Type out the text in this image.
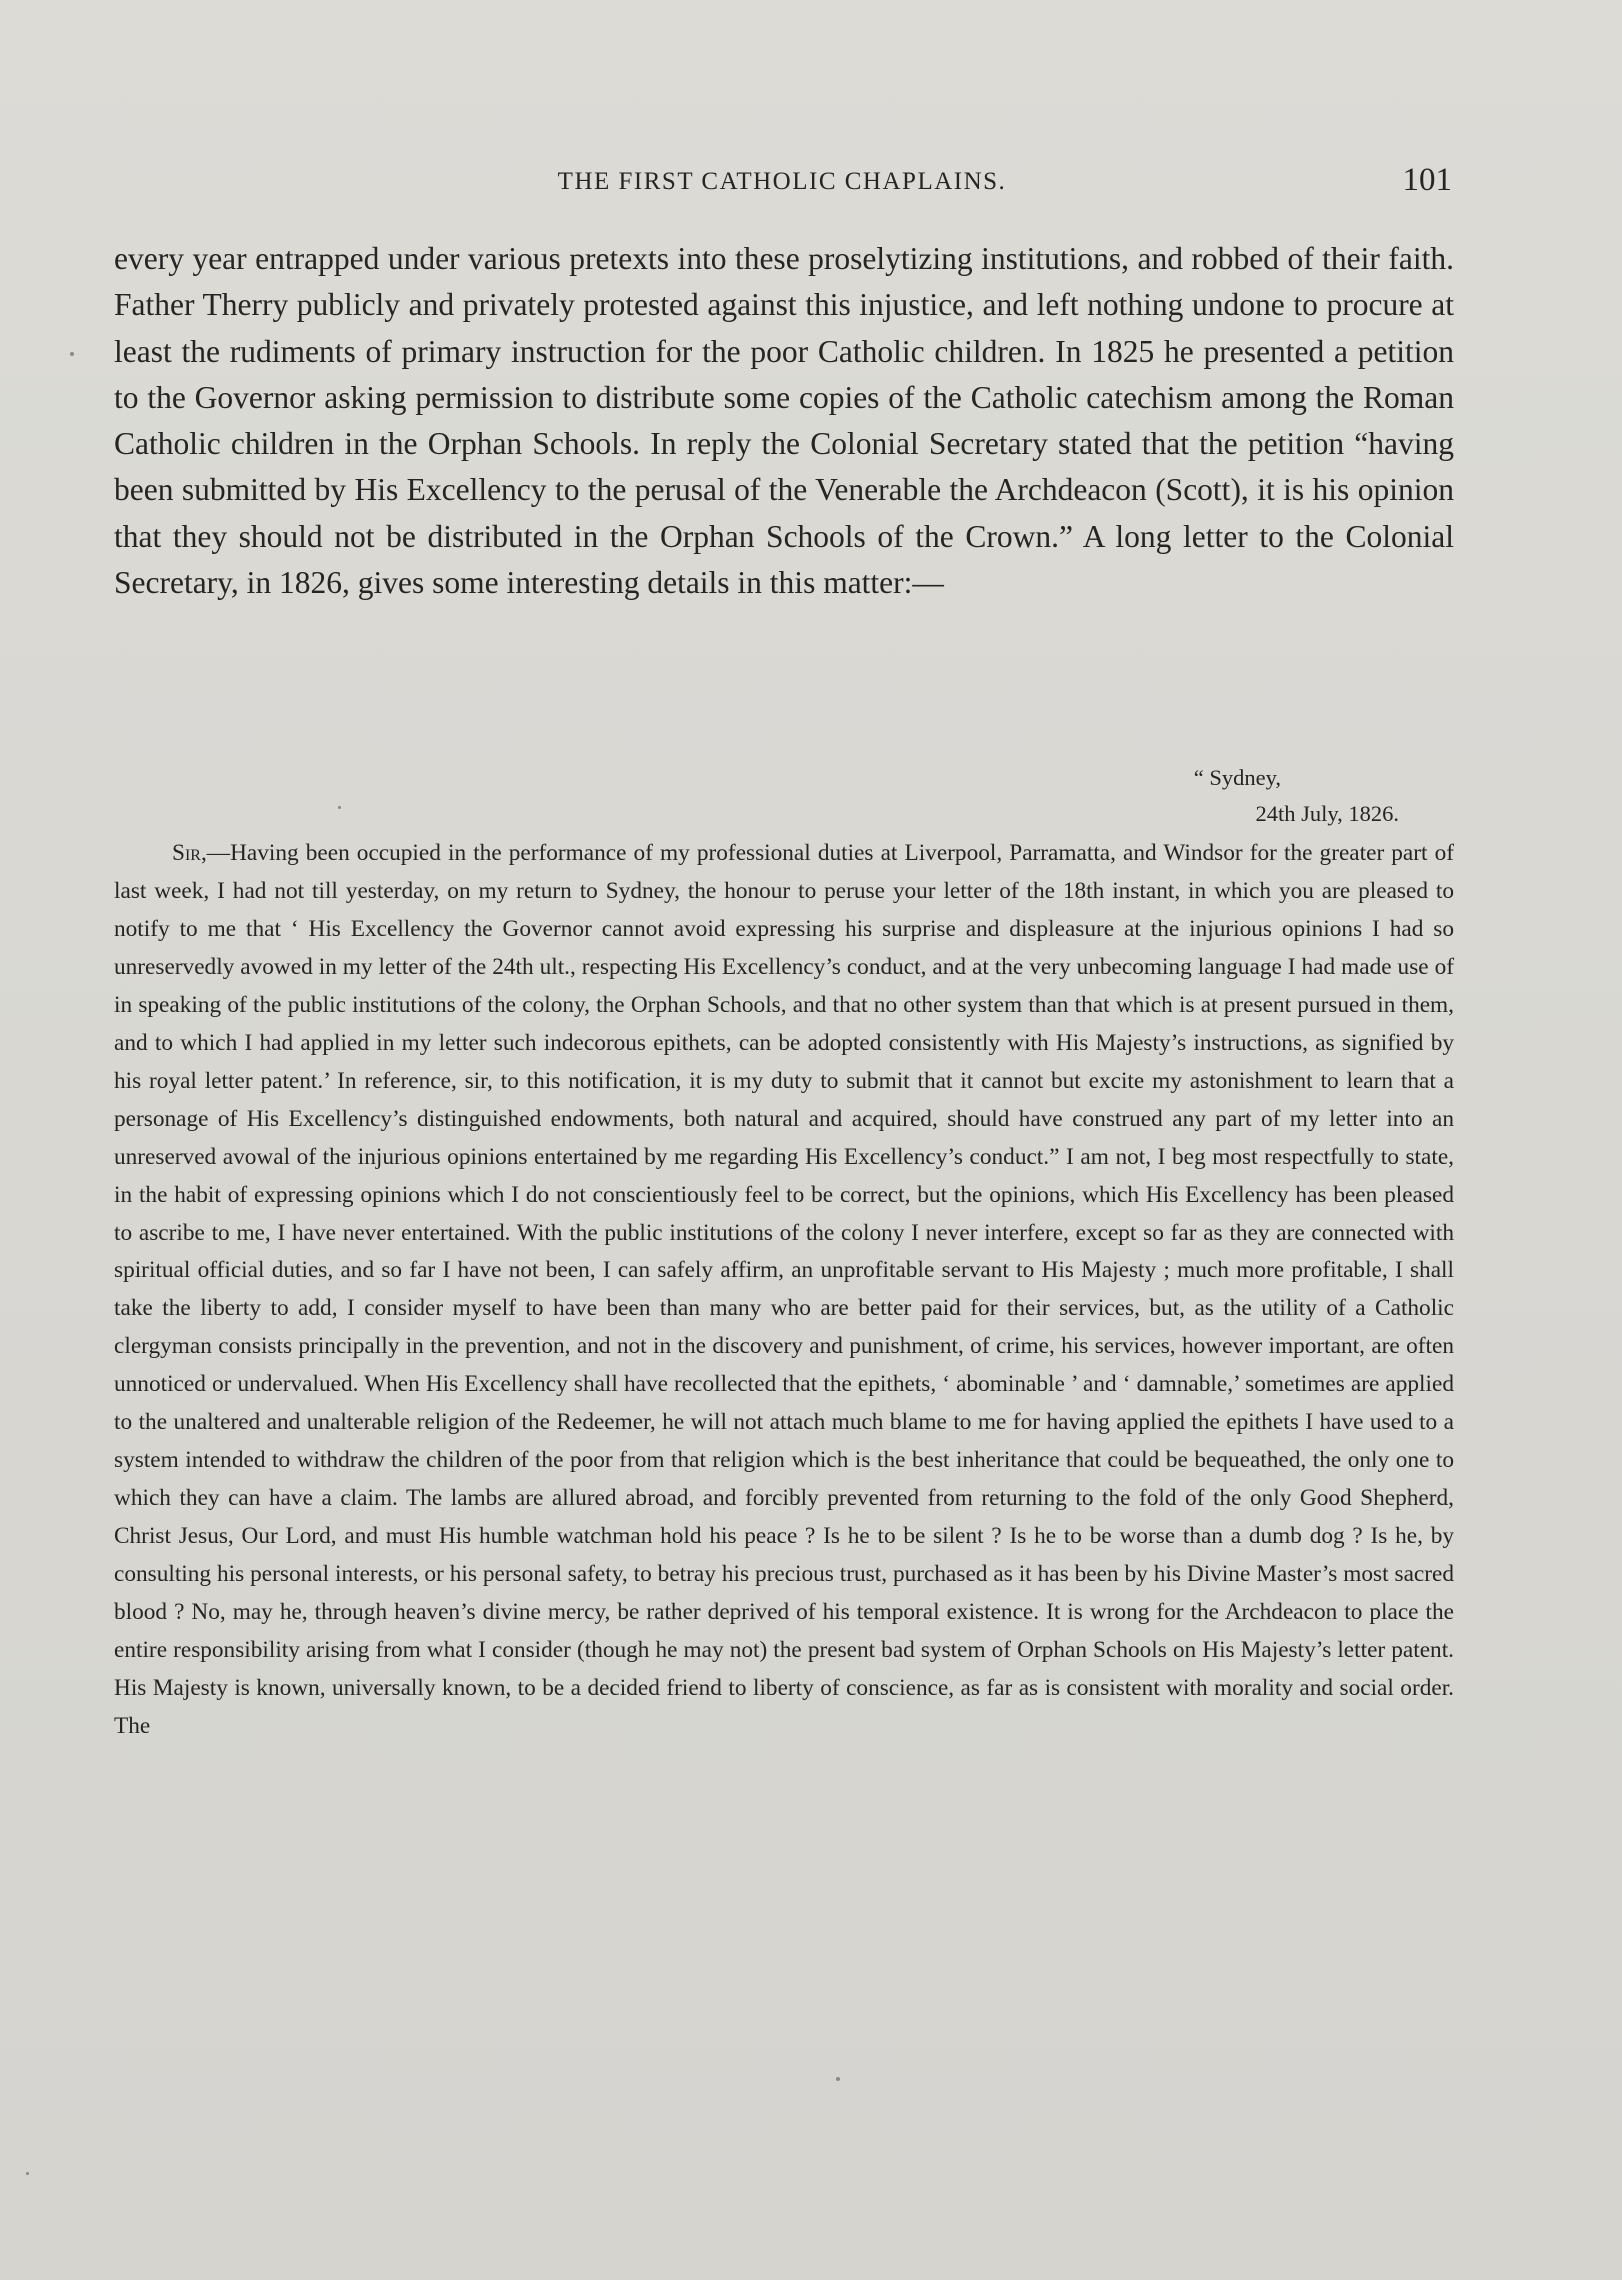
THE FIRST CATHOLIC CHAPLAINS.	101

every year entrapped under various pretexts into these proselytizing institutions, and robbed of their faith. Father Therry publicly and privately protested against this injustice, and left nothing undone to procure at least the rudiments of primary instruction for the poor Catholic children. In 1825 he presented a petition to the Governor asking permission to distribute some copies of the Catholic catechism among the Roman Catholic children in the Orphan Schools. In reply the Colonial Secretary stated that the petition “having been submitted by His Excellency to the perusal of the Venerable the Archdeacon (Scott), it is his opinion that they should not be distributed in the Orphan Schools of the Crown.” A long letter to the Colonial Secretary, in 1826, gives some interesting details in this matter:—

“ Sydney,
24th July, 1826.

Sir,—Having been occupied in the performance of my professional duties at Liverpool, Parramatta, and Windsor for the greater part of last week, I had not till yesterday, on my return to Sydney, the honour to peruse your letter of the 18th instant, in which you are pleased to notify to me that ‘ His Excellency the Governor cannot avoid expressing his surprise and displeasure at the injurious opinions I had so unreservedly avowed in my letter of the 24th ult., respecting His Excellency’s conduct, and at the very unbecoming language I had made use of in speaking of the public institutions of the colony, the Orphan Schools, and that no other system than that which is at present pursued in them, and to which I had applied in my letter such indecorous epithets, can be adopted consistently with His Majesty’s instructions, as signified by his royal letter patent.’ In reference, sir, to this notification, it is my duty to submit that it cannot but excite my astonishment to learn that a personage of His Excellency’s distinguished endowments, both natural and acquired, should have construed any part of my letter into an unreserved avowal of the injurious opinions entertained by me regarding His Excellency’s conduct.” I am not, I beg most respectfully to state, in the habit of expressing opinions which I do not conscientiously feel to be correct, but the opinions, which His Excellency has been pleased to ascribe to me, I have never entertained. With the public institutions of the colony I never interfere, except so far as they are connected with spiritual official duties, and so far I have not been, I can safely affirm, an unprofitable servant to His Majesty ; much more profitable, I shall take the liberty to add, I consider myself to have been than many who are better paid for their services, but, as the utility of a Catholic clergyman consists principally in the prevention, and not in the discovery and punishment, of crime, his services, however important, are often unnoticed or undervalued. When His Excellency shall have recollected that the epithets, ‘ abominable ’ and ‘ damnable,’ sometimes are applied to the unaltered and unalterable religion of the Redeemer, he will not attach much blame to me for having applied the epithets I have used to a system intended to withdraw the children of the poor from that religion which is the best inheritance that could be bequeathed, the only one to which they can have a claim. The lambs are allured abroad, and forcibly prevented from returning to the fold of the only Good Shepherd, Christ Jesus, Our Lord, and must His humble watchman hold his peace ? Is he to be silent ? Is he to be worse than a dumb dog ? Is he, by consulting his personal interests, or his personal safety, to betray his precious trust, purchased as it has been by his Divine Master’s most sacred blood ? No, may he, through heaven’s divine mercy, be rather deprived of his temporal existence. It is wrong for the Archdeacon to place the entire responsibility arising from what I consider (though he may not) the present bad system of Orphan Schools on His Majesty’s letter patent. His Majesty is known, universally known, to be a decided friend to liberty of conscience, as far as is consistent with morality and social order. The
